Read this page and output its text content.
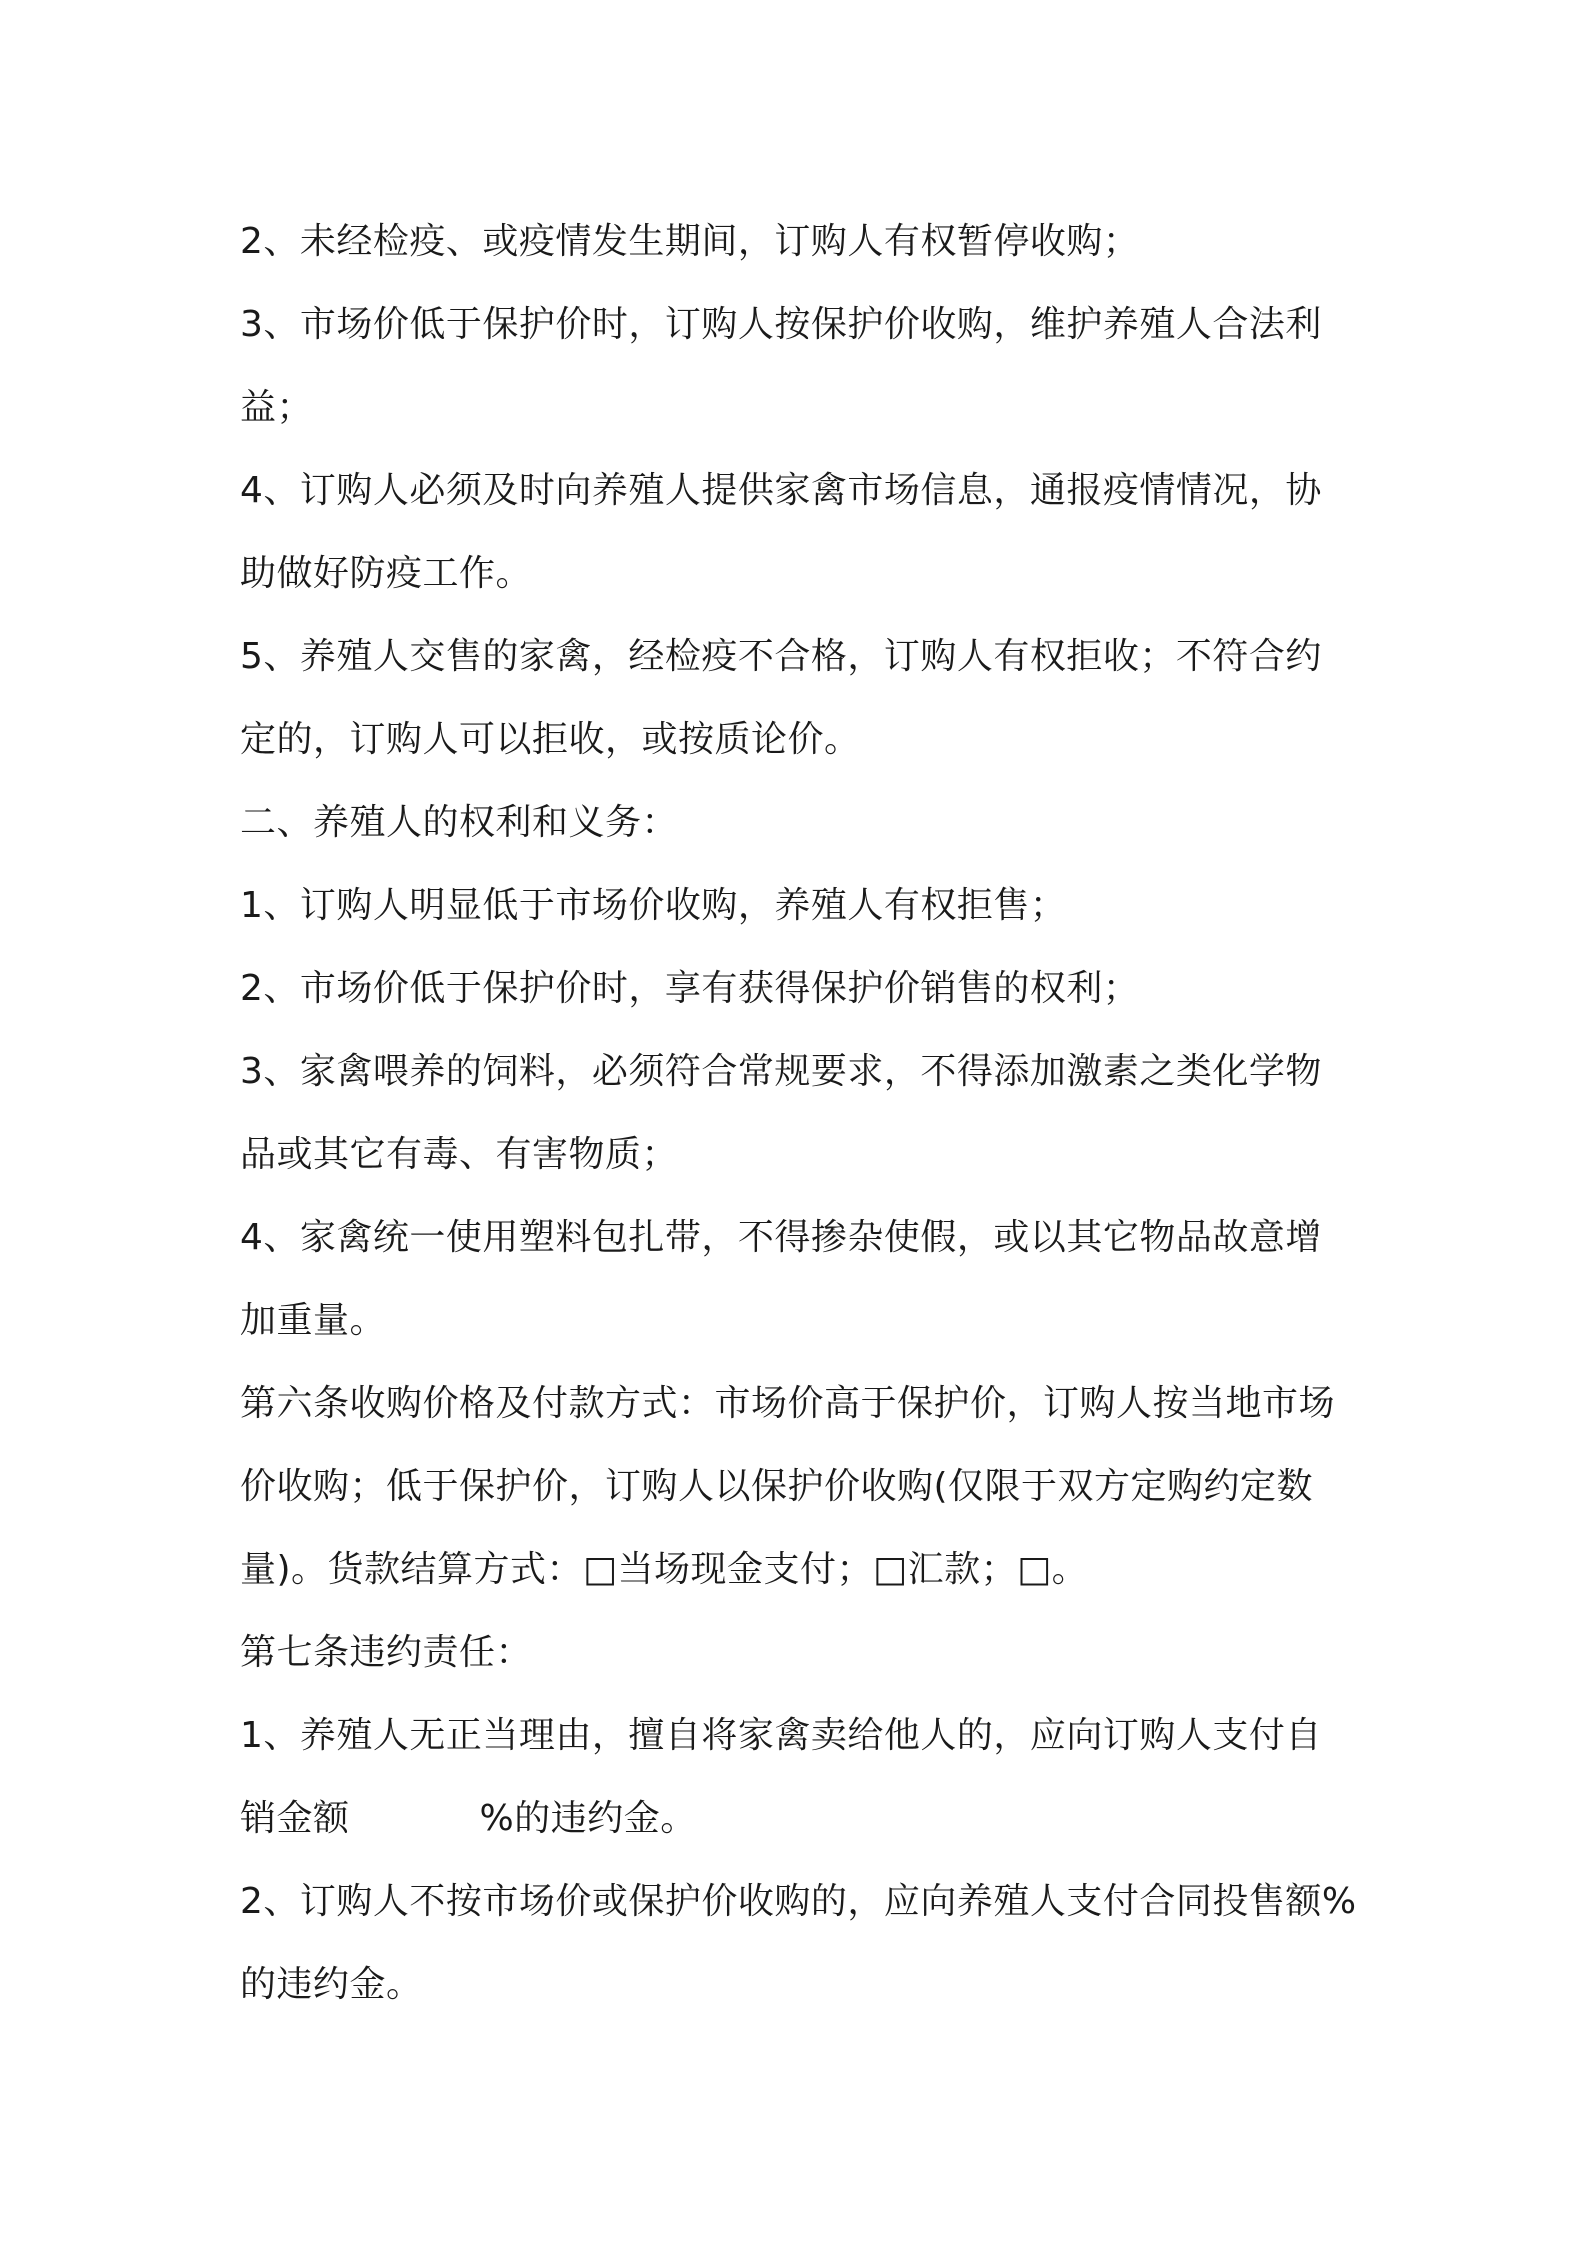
2、未经检疫、或疫情发生期间，订购人有权暂停收购；
3、市场价低于保护价时，订购人按保护价收购，维护养殖人合法利
益；
4、订购人必须及时向养殖人提供家禽市场信息，通报疫情情况，协
助做好防疫工作。
5、养殖人交售的家禽，经检疫不合格，订购人有权拒收；不符合约
定的，订购人可以拒收，或按质论价。
二、养殖人的权利和义务：
1、订购人明显低于市场价收购，养殖人有权拒售；
2、市场价低于保护价时，享有获得保护价销售的权利；
3、家禽喂养的饲料，必须符合常规要求，不得添加激素之类化学物
品或其它有毒、有害物质；
4、家禽统一使用塑料包扎带，不得掺杂使假，或以其它物品故意增
加重量。
第六条收购价格及付款方式：市场价高于保护价，订购人按当地市场
价收购；低于保护价，订购人以保护价收购(仅限于双方定购约定数
量)。货款结算方式：□当场现金支付；□汇款；□。
第七条违约责任：
1、养殖人无正当理由，擅自将家禽卖给他人的，应向订购人支付自
销金额	%的违约金。
2、订购人不按市场价或保护价收购的，应向养殖人支付合同投售额%
的违约金。
